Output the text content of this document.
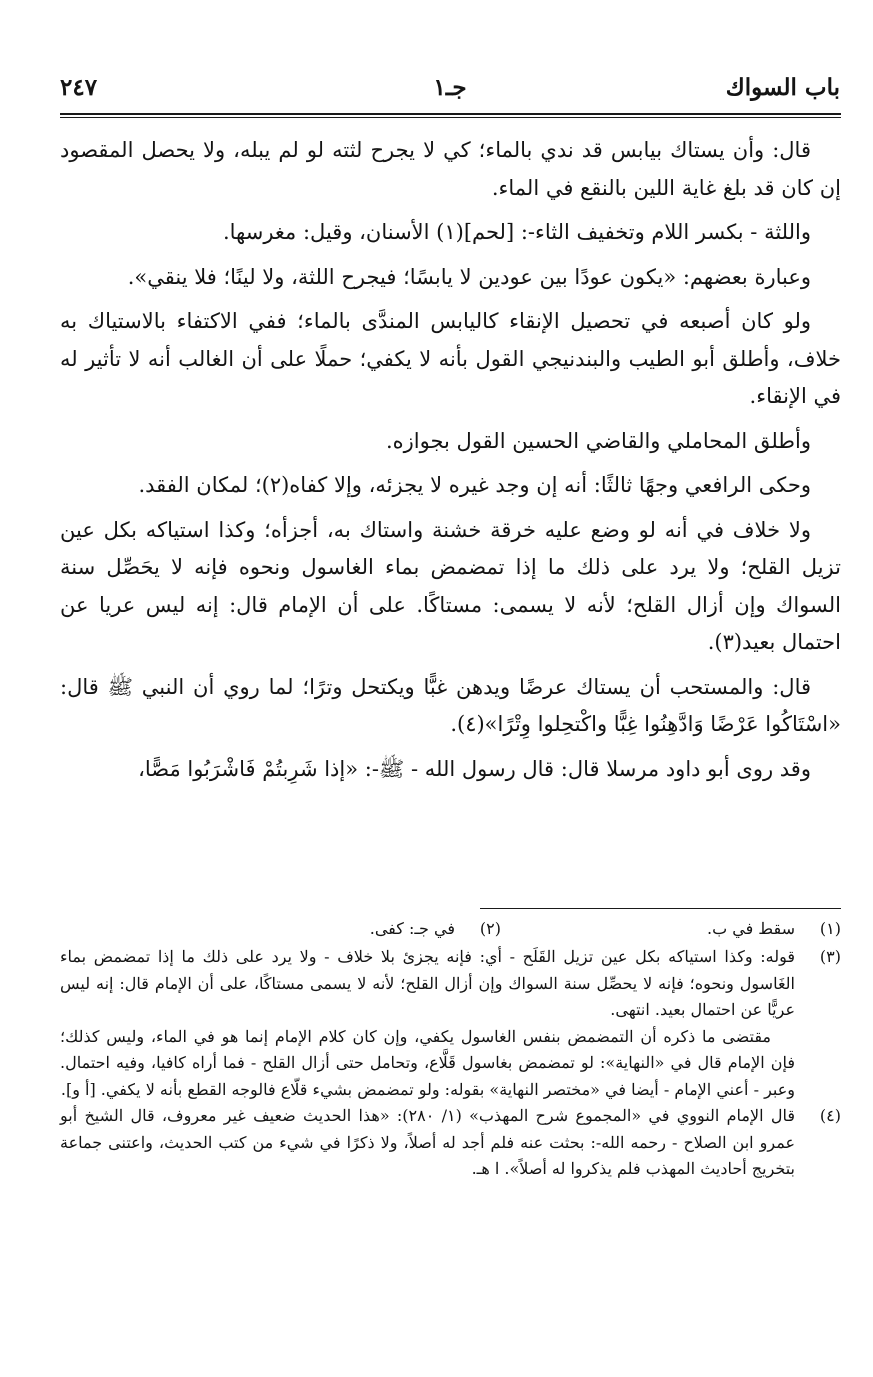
باب السواك
جـ١
٢٤٧

قال: وأن يستاك بيابس قد ندي بالماء؛ كي لا يجرح لثته لو لم يبله، ولا يحصل المقصود إن كان قد بلغ غاية اللين بالنقع في الماء.

واللثة - بكسر اللام وتخفيف الثاء-: [لحم](١) الأسنان، وقيل: مغرسها.

وعبارة بعضهم: «يكون عودًا بين عودين لا يابسًا؛ فيجرح اللثة، ولا لينًا؛ فلا ينقي».

ولو كان أصبعه في تحصيل الإنقاء كاليابس المندَّى بالماء؛ ففي الاكتفاء بالاستياك به خلاف، وأطلق أبو الطيب والبندنيجي القول بأنه لا يكفي؛ حملًا على أن الغالب أنه لا تأثير له في الإنقاء.

وأطلق المحاملي والقاضي الحسين القول بجوازه.

وحكى الرافعي وجهًا ثالثًا: أنه إن وجد غيره لا يجزئه، وإلا كفاه(٢)؛ لمكان الفقد.

ولا خلاف في أنه لو وضع عليه خرقة خشنة واستاك به، أجزأه؛ وكذا استياكه بكل عين تزيل القلح؛ ولا يرد على ذلك ما إذا تمضمض بماء الغاسول ونحوه فإنه لا يحَصِّل سنة السواك وإن أزال القلح؛ لأنه لا يسمى: مستاكًا. على أن الإمام قال: إنه ليس عريا عن احتمال بعيد(٣).

قال: والمستحب أن يستاك عرضًا ويدهن غبًّا ويكتحل وترًا؛ لما روي أن النبي ﷺ قال: «اسْتَاكُوا عَرْضًا وَادَّهِنُوا غِبًّا واكْتحِلوا وِتْرًا»(٤).

وقد روى أبو داود مرسلا قال: قال رسول الله - ﷺ-: «إذا شَرِبتُمْ فَاشْرَبُوا مَصًّا،

(١)
سقط في ب.
(٢)
في جـ: كفى.
(٣)
قوله: وكذا استياكه بكل عين تزيل القَلَح - أي: فإنه يجزئ بلا خلاف - ولا يرد على ذلك ما إذا تمضمض بماء الغَاسول ونحوه؛ فإنه لا يحصِّل سنة السواك وإن أزال القلح؛ لأنه لا يسمى مستاكًا، على أن الإمام قال: إنه ليس عريًّا عن احتمال بعيد. انتهى.

مقتضى ما ذكره أن التمضمض بنفس الغاسول يكفي، وإن كان كلام الإمام إنما هو في الماء، وليس كذلك؛ فإن الإمام قال في «النهاية»: لو تمضمض بغاسول قَلَّاع، وتحامل حتى أزال القلح - فما أراه كافيا، وفيه احتمال. وعبر - أعني الإمام - أيضا في «مختصر النهاية» بقوله: ولو تمضمض بشيء قلّاع فالوجه القطع بأنه لا يكفي. [أ و].

(٤)
قال الإمام النووي في «المجموع شرح المهذب» (١/ ٢٨٠): «هذا الحديث ضعيف غير معروف، قال الشيخ أبو عمرو ابن الصلاح - رحمه الله-: بحثت عنه فلم أجد له أصلاً، ولا ذكرًا في شيء من كتب الحديث، واعتنى جماعة بتخريج أحاديث المهذب فلم يذكروا له أصلاً». ا هـ.
